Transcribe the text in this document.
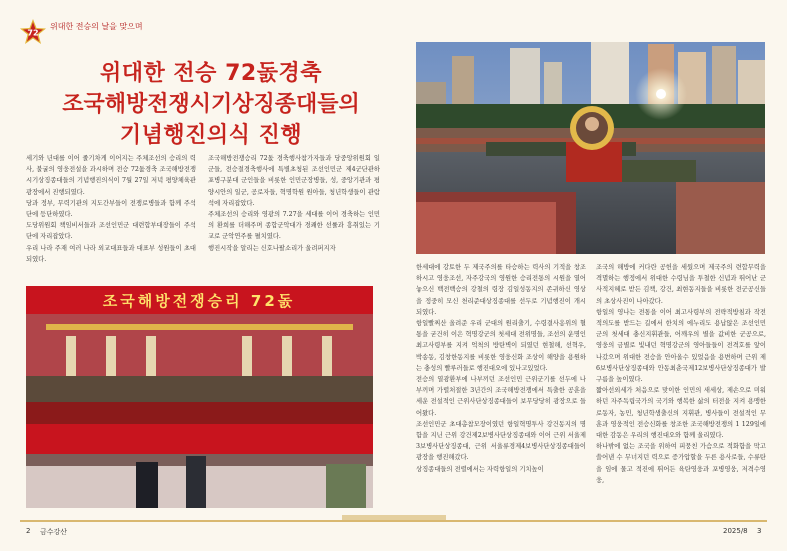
72
위대한 전승의 날을 맞으며
위대한 전승 72돐경축
조국해방전쟁시기상징종대들의
기념행진의식 진행
세기와 년대를 이어 줄기차게 이어지는 주체조선의 승리의 력사, 불굴의 영웅전설을 과시하며 전승 72돐경축 조국해방전쟁시기상징종대들의 기념행진의식이 7월 27일 저녁 평양체육관광장에서 진행되였다.
당과 정부, 무력기관의 지도간부들이 전쟁로병들과 함께 주석단에 등단하였다.
도당위원회 책임비서들과 조선인민군 대련합부대장들이 주석단에 자리잡았다.
우리 나라 주재 여러 나라 외교대표들과 대표부 성원들이 초대되였다.
조국해방전쟁승리 72돐 경축행사참가자들과 당중앙위원회 일군들, 전승절경축행사에 특별초청된 조선인민군 제4군단관하 포병구분대 군인들을 비롯한 인민군장병들, 성, 중앙기관과 평양시안의 일군, 공로자들, 혁명학원 원아들, 청년학생들이 관람석에 자리잡았다.
주체조선의 승리와 영광의 7.27을 세대를 이어 경축하는 인민의 환희를 더해주며 종합군악대가 경쾌한 선률과 흥취있는 기교로 군악연주를 펼치였다.
행진시작을 알리는 신호나팔소리가 울려퍼지자
조국해방전쟁승리 72돐
한세대에 강토한 두 제국주의를 타승하는 력사의 기적을 창조하시고 영웅조선, 자주강국의 영원한 승리전통의 시원을 열어놓으신 백전백승의 강철의 령장 김일성동지의 존귀하신 영상을 정중히 모신 천리준대상징종대를 선두로 기념행진이 개시되였다.
항일빨찌산 올려준 우리 군대의 원리출기, 수령결사옹위의 혈통을 굳건히 이은 혁명강군의 첫세대 전위명들, 조선의 운명인 최고사령부를 지켜 억척의 방탄벽이 되였던 현철해, 선혁우, 박송동, 김창한동지를 비롯한 영웅신화 조상이 해양을 용원하는 충성의 빨루러들로 행진대오에 있나고있었다.
전승의 열광환부에 나부끼던 조선인민 근위군기를 선두에 나부끼며 가렬처절한 3년간의 조국해방전쟁에서 특출한 공훈을 세운 전설적인 근위사단상징종대들이 보무당당히 광장으로 들어왔다.
조선인민군 초대총참모장이였던 항일혁명투사 강건동지의 명함을 지닌 근위 강건제2보병사단상징종대와 이어 근위 서울제3보병사단상징종대, 근위 서울류경제4보병사단상징종대들이 광장을 행진해갔다.
상징종대들의 전렬에서는 자력항일의 기치높이
조국의 해방에 커다란 공헌을 세웠으며 제국주의 련합무력을 격멸하는 행정에서 위대한 수령님을 투철한 신념과 뛰어난 군사적지혜로 받든 김책, 강건, 최현동지들을 비롯한 전군공신들의 초상사진이 나아갔다.
항일의 영나는 전통을 이어 최고사령부의 전략적방침과 작전적의도를 받드는 길에서 한치의 에누리도 용납않은 조선인민군의 첫세대 충신지휘관들, 어깨우의 별을 값비한 군공으로, 영웅의 금별로 빛내던 혁명강군의 영아들들이 전격호를 앞이 나갔으며 위대한 전승을 안아올수 있었음을 용변하며 근위 제6보병사단상징종대와 안동최춘국제12보병사단상징종대가 발구름을 높이였다.
짧아선외세가 처음으로 맞이한 인민의 새세상, 제손으로 미워하던 자주독립국가의 국기와 행복한 삶의 터전을 지켜 용맹한 로동자, 농민, 청년학생출신의 지휘관, 병사들이 전설적인 무훈과 영웅적인 전승신화를 창조한 조국해방전쟁의 1 129일에 대한 감동은 우리의 행진대오와 함께 울리였다.
하나밖에 없는 조국을 위하여 피뭉친 가슴으로 적화함을 막고 쓸어낸 수 무너지던 력으로 증가압할을 두른 용사로들, 수류탄을 임에 물고 적진에 뛰어든 육탄영웅과 포병영웅, 저격수영웅,
2 금수강산	2025/8 3
